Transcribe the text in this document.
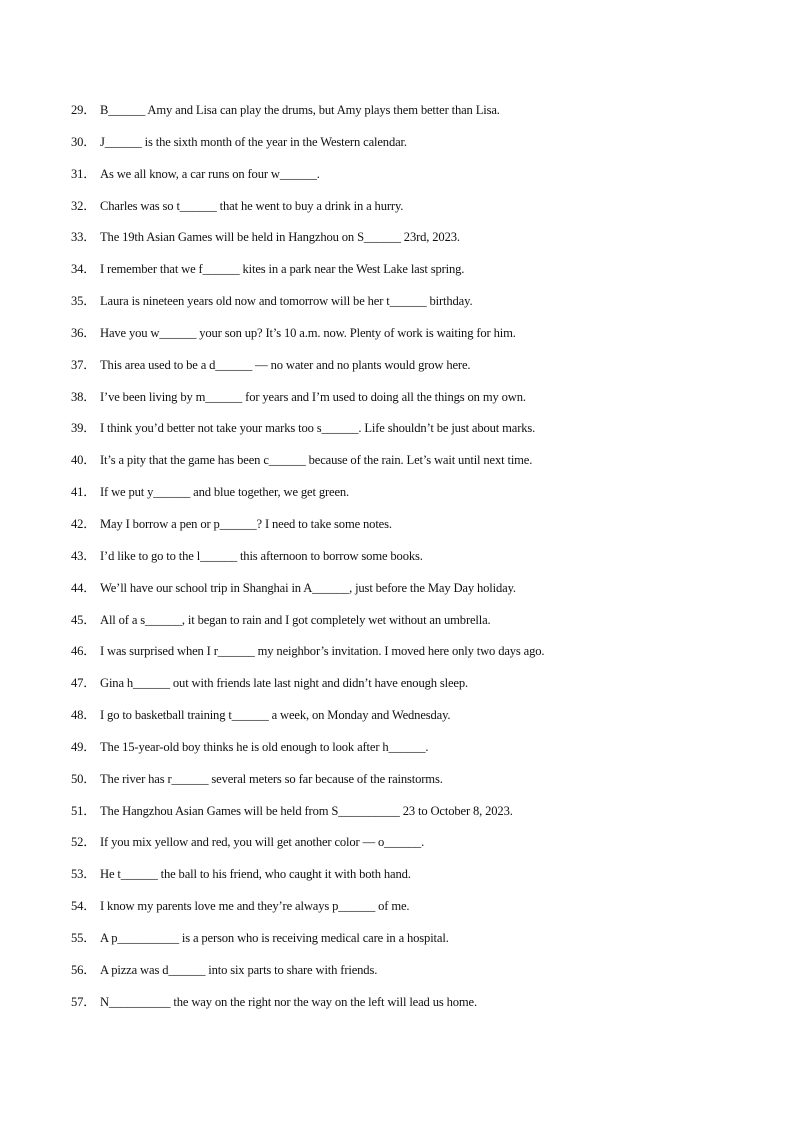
29． B______ Amy and Lisa can play the drums, but Amy plays them better than Lisa.
30． J______ is the sixth month of the year in the Western calendar.
31． As we all know, a car runs on four w______.
32． Charles was so t______ that he went to buy a drink in a hurry.
33． The 19th Asian Games will be held in Hangzhou on S______ 23rd, 2023.
34． I remember that we f______ kites in a park near the West Lake last spring.
35． Laura is nineteen years old now and tomorrow will be her t______ birthday.
36． Have you w______ your son up? It’s 10 a.m. now. Plenty of work is waiting for him.
37． This area used to be a d______ — no water and no plants would grow here.
38． I’ve been living by m______ for years and I’m used to doing all the things on my own.
39． I think you’d better not take your marks too s______. Life shouldn’t be just about marks.
40． It’s a pity that the game has been c______ because of the rain. Let’s wait until next time.
41． If we put y______ and blue together, we get green.
42． May I borrow a pen or p______? I need to take some notes.
43． I’d like to go to the l______ this afternoon to borrow some books.
44． We’ll have our school trip in Shanghai in A______, just before the May Day holiday.
45． All of a s______, it began to rain and I got completely wet without an umbrella.
46． I was surprised when I r______ my neighbor’s invitation. I moved here only two days ago.
47． Gina h______ out with friends late last night and didn’t have enough sleep.
48． I go to basketball training t______ a week, on Monday and Wednesday.
49． The 15-year-old boy thinks he is old enough to look after h______.
50． The river has r______ several meters so far because of the rainstorms.
51． The Hangzhou Asian Games will be held from S__________ 23 to October 8, 2023.
52． If you mix yellow and red, you will get another color — o______.
53． He t______ the ball to his friend, who caught it with both hand.
54． I know my parents love me and they’re always p______ of me.
55． A p__________ is a person who is receiving medical care in a hospital.
56． A pizza was d______ into six parts to share with friends.
57． N__________ the way on the right nor the way on the left will lead us home.
